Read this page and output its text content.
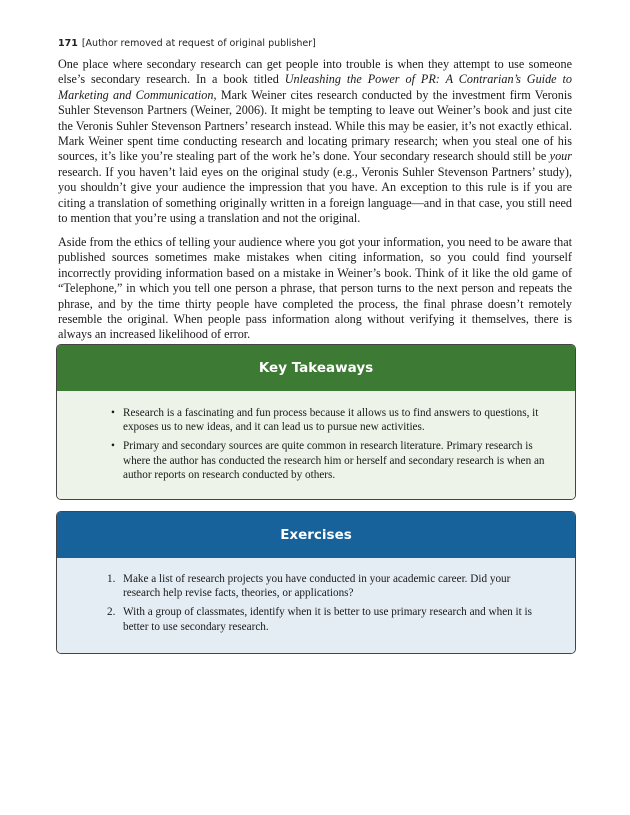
171 [Author removed at request of original publisher]

One place where secondary research can get people into trouble is when they attempt to use someone else’s secondary research. In a book titled Unleashing the Power of PR: A Contrarian’s Guide to Marketing and Communication, Mark Weiner cites research conducted by the investment firm Veronis Suhler Stevenson Partners (Weiner, 2006). It might be tempting to leave out Weiner’s book and just cite the Veronis Suhler Stevenson Partners’ research instead. While this may be easier, it’s not exactly ethical. Mark Weiner spent time conducting research and locating primary research; when you steal one of his sources, it’s like you’re stealing part of the work he’s done. Your secondary research should still be your research. If you haven’t laid eyes on the original study (e.g., Veronis Suhler Stevenson Partners’ study), you shouldn’t give your audience the impression that you have. An exception to this rule is if you are citing a translation of something originally written in a foreign language—and in that case, you still need to mention that you’re using a translation and not the original.

Aside from the ethics of telling your audience where you got your information, you need to be aware that published sources sometimes make mistakes when citing information, so you could find yourself incorrectly providing information based on a mistake in Weiner’s book. Think of it like the old game of “Telephone,” in which you tell one person a phrase, that person turns to the next person and repeats the phrase, and by the time thirty people have completed the process, the final phrase doesn’t remotely resemble the original. When people pass information along without verifying it themselves, there is always an increased likelihood of error.

Key Takeaways
• Research is a fascinating and fun process because it allows us to find answers to questions, it exposes us to new ideas, and it can lead us to pursue new activities.
• Primary and secondary sources are quite common in research literature. Primary research is where the author has conducted the research him or herself and secondary research is when an author reports on research conducted by others.
Exercises
1. Make a list of research projects you have conducted in your academic career. Did your research help revise facts, theories, or applications?
2. With a group of classmates, identify when it is better to use primary research and when it is better to use secondary research.
